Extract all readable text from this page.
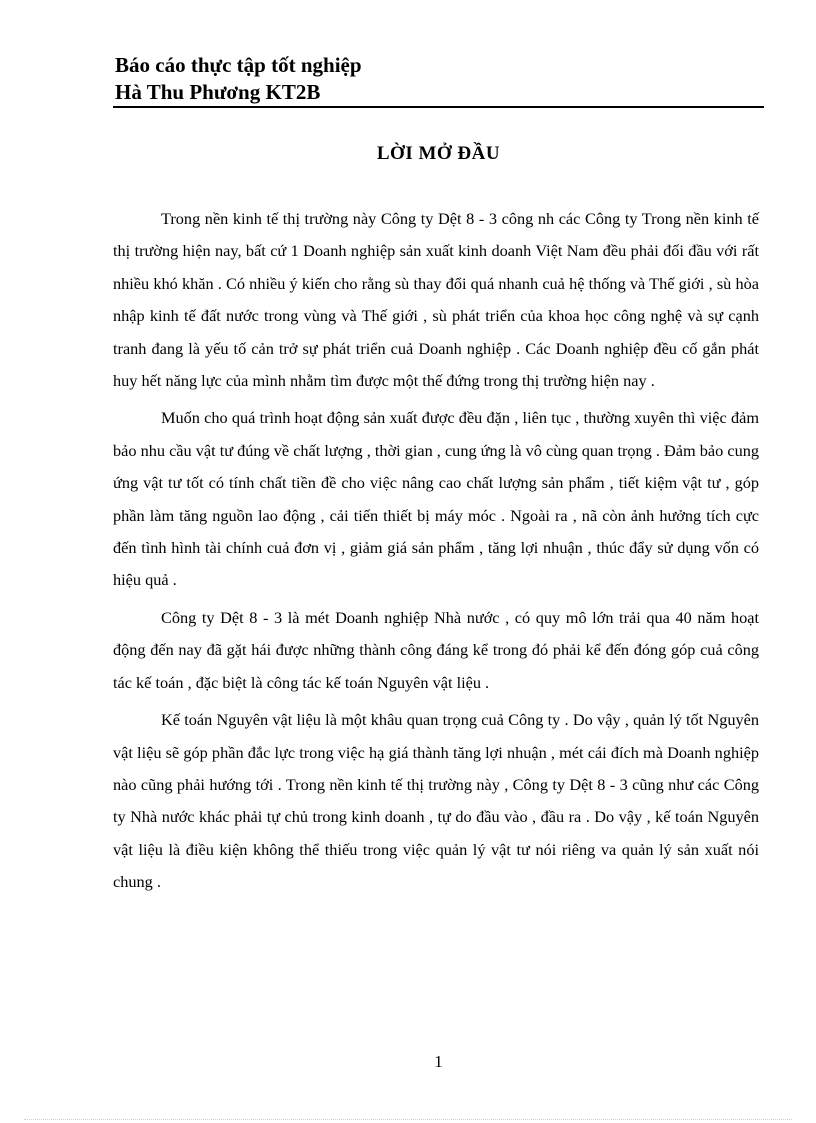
Báo cáo thực tập tốt nghiệp
Hà Thu Phương KT2B
LỜI MỞ ĐẦU

Trong nền kinh tế thị trường này Công ty Dệt 8 - 3 công nh các Công ty Trong nền kinh tế thị trường hiện nay, bất cứ 1 Doanh nghiệp sản xuất kinh doanh Việt Nam đều phải đối đầu với rất nhiều khó khăn . Có nhiều ý kiến cho rằng sù thay đổi quá nhanh cuả hệ thống và Thế giới , sù hòa nhập kinh tế đất nước trong vùng và Thế giới , sù phát triển của khoa học công nghệ và sự cạnh tranh đang là yếu tố cản trở sự phát triển cuả Doanh nghiệp . Các Doanh nghiệp đều cố gắn phát huy hết năng lực của mình nhằm tìm được một thế đứng trong thị trường hiện nay .

Muốn cho quá trình hoạt động sản xuất được đều đặn , liên tục , thường xuyên thì việc đảm bảo nhu cầu vật tư đúng về chất lượng , thời gian , cung ứng là vô cùng quan trọng . Đảm bảo cung ứng vật tư tốt có tính chất tiền đề cho việc nâng cao chất lượng sản phẩm , tiết kiệm vật tư , góp phần làm tăng nguồn lao động , cải tiến thiết bị máy móc . Ngoài ra , nã còn ảnh hưởng tích cực đến tình hình tài chính cuả đơn vị , giảm giá sản phẩm , tăng lợi nhuận , thúc đẩy sử dụng vốn có hiệu quả .

Công ty Dệt 8 - 3 là mét Doanh nghiệp Nhà nước , có quy mô lớn trải qua 40 năm hoạt động đến nay đã gặt hái được những thành công đáng kể trong đó phải kể đến đóng góp cuả công tác kế toán , đặc biệt là công tác kế toán Nguyên vật liệu .

Kế toán Nguyên vật liệu là một khâu quan trọng cuả Công ty . Do vậy , quản lý tốt Nguyên vật liệu sẽ góp phần đắc lực trong việc hạ giá thành tăng lợi nhuận , mét cái đích mà Doanh nghiệp nào cũng phải hướng tới . Trong nền kinh tế thị trường này , Công ty Dệt 8 - 3 cũng như các Công ty Nhà nước khác phải tự chủ trong kinh doanh , tự do đầu vào , đầu ra . Do vậy , kế toán Nguyên vật liệu là điều kiện không thể thiếu trong việc quản lý vật tư nói riêng va quản lý sản xuất nói chung .

1
